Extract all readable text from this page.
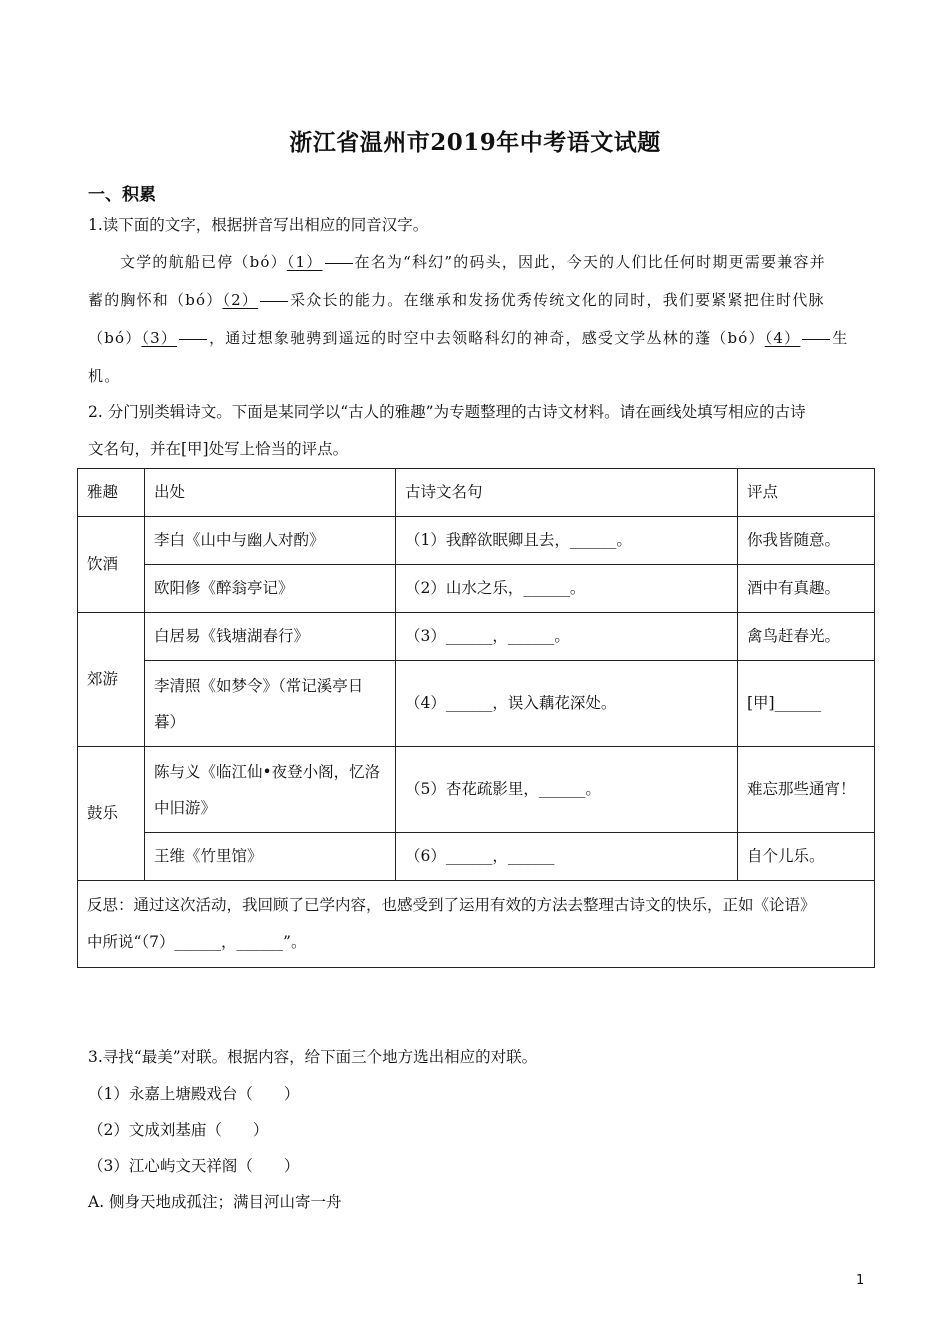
浙江省温州市2019年中考语文试题
一、积累
1.读下面的文字，根据拼音写出相应的同音汉字。
文学的航船已停（bó）（1） 在名为“科幻”的码头，因此，今天的人们比任何时期更需要兼容并
蓄的胸怀和（bó）（2） 采众长的能力。在继承和发扬优秀传统文化的同时，我们要紧紧把住时代脉
（bó）（3） ，通过想象驰骋到遥远的时空中去领略科幻的神奇，感受文学丛林的蓬（bó）（4） 生
机。
2. 分门别类辑诗文。下面是某同学以“古人的雅趣”为专题整理的古诗文材料。请在画线处填写相应的古诗
文名句，并在[甲]处写上恰当的评点。
雅趣	出处	古诗文名句	评点
饮酒	李白《山中与幽人对酌》	（1）我醉欲眠卿且去，______。	你我皆随意。
	欧阳修《醉翁亭记》	（2）山水之乐，______。	酒中有真趣。
郊游	白居易《钱塘湖春行》	（3）______，______。	禽鸟赶春光。
	李清照《如梦令》（常记溪亭日暮）	（4）______，误入藕花深处。	[甲]______
鼓乐	陈与义《临江仙•夜登小阁，忆洛中旧游》	（5）杏花疏影里，______。	难忘那些通宵！
	王维《竹里馆》	（6）______，______	自个儿乐。

反思：通过这次活动，我回顾了已学内容，也感受到了运用有效的方法去整理古诗文的快乐，正如《论语》
中所说“（7）______，______”。			
3.寻找“最美”对联。根据内容，给下面三个地方选出相应的对联。
（1）永嘉上塘殿戏台（　　）
（2）文成刘基庙（　　）
（3）江心屿文天祥阁（　　）
A. 侧身天地成孤注；满目河山寄一舟
1
